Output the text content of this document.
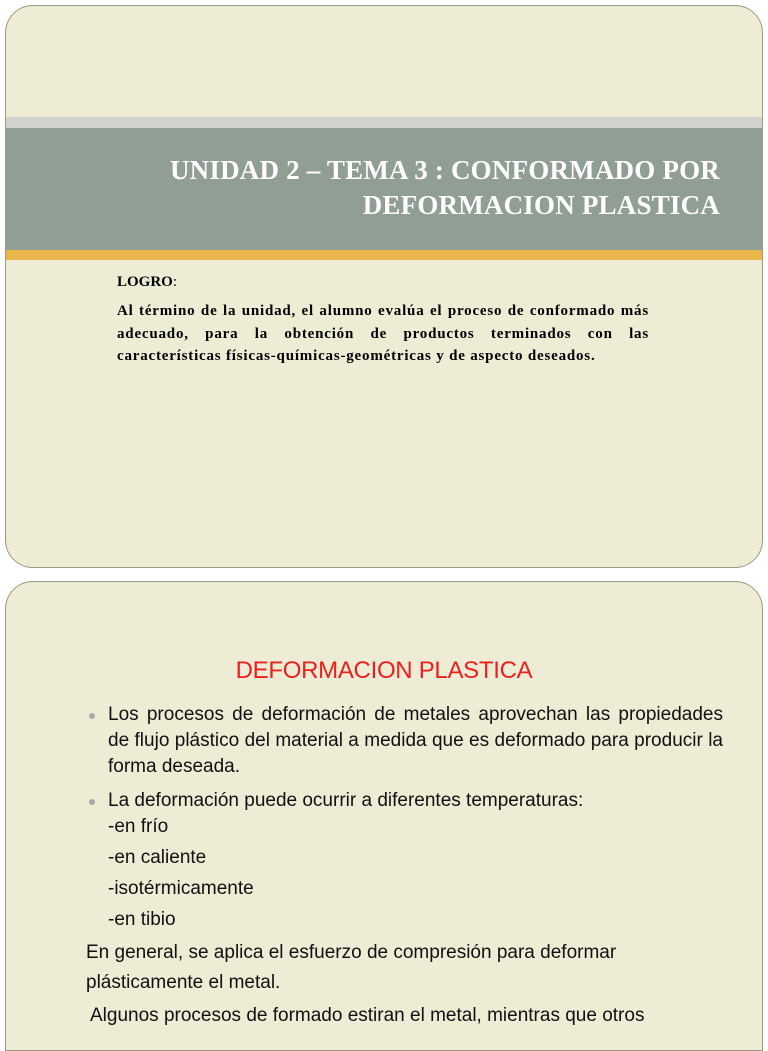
UNIDAD 2 – TEMA 3 : CONFORMADO POR
DEFORMACION PLASTICA
LOGRO:
Al término de la unidad, el alumno evalúa el proceso de conformado más adecuado, para la obtención de productos terminados con las características físicas-químicas-geométricas y de aspecto deseados.
DEFORMACION PLASTICA
Los procesos de deformación de metales aprovechan las propiedades de flujo plástico del material a medida que es deformado para producir la forma deseada.
La deformación puede ocurrir a diferentes temperaturas:
-en frío
-en caliente
-isotérmicamente
-en tibio
En general, se aplica el esfuerzo de compresión para deformar plásticamente el metal.
Algunos procesos de formado estiran el metal, mientras que otros
